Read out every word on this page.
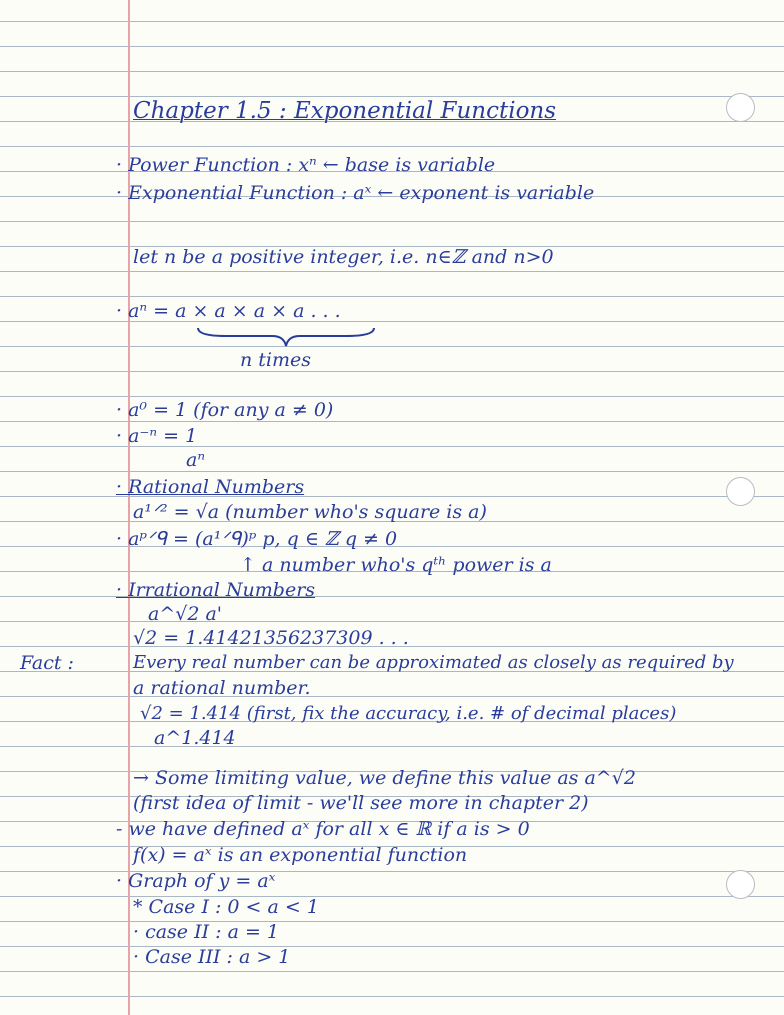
Chapter 1.5 : Exponential Functions
· Power Function : xⁿ ← base is variable
· Exponential Function : aˣ ← exponent is variable
let n be a positive integer, i.e. n∈ℤ and n>0
· aⁿ = a × a × a × a . . .
n times
· a⁰ = 1 (for any a ≠ 0)
· a⁻ⁿ = 1
aⁿ
· Rational Numbers
a¹ᐟ² = √a (number who's square is a)
· aᵖᐟᑫ = (a¹ᐟᑫ)ᵖ p, q ∈ ℤ q ≠ 0
↑ a number who's qᵗʰ power is a
· Irrational Numbers
a^√2 a'
√2 = 1.41421356237309 . . .
Fact :	Every real number can be approximated as closely as required by
a rational number.
√2 = 1.414 (first, fix the accuracy, i.e. # of decimal places)
a^1.414
→ Some limiting value, we define this value as a^√2
(first idea of limit - we'll see more in chapter 2)
- we have defined aˣ for all x ∈ ℝ if a is > 0
f(x) = aˣ is an exponential function
· Graph of y = aˣ
* Case I : 0 < a < 1
· case II : a = 1
· Case III : a > 1
